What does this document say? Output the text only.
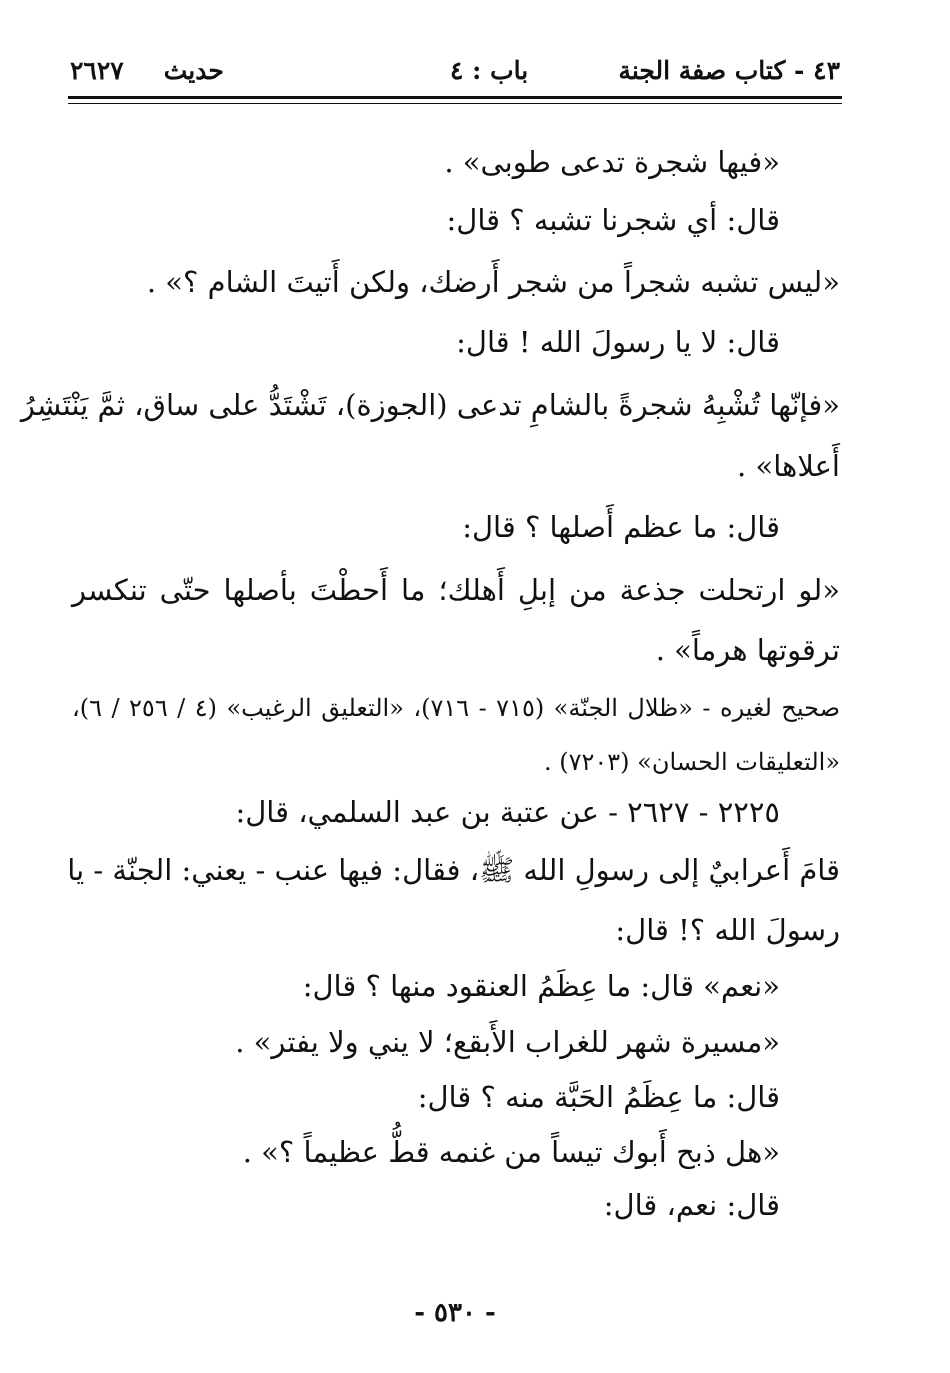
٤٣ - كتاب صفة الجنة
باب : ٤
حديث٢٦٢٧
«فيها شجرة تدعى طوبى» .
قال: أي شجرنا تشبه ؟ قال:
«ليس تشبه شجراً من شجر أَرضك، ولكن أَتيتَ الشام ؟» .
قال: لا يا رسولَ الله ! قال:
«فإنّها تُشْبِهُ شجرةً بالشامِ تدعى (الجوزة)، تَشْتَدُّ على ساق، ثمَّ يَنْتَشِرُ
أَعلاها» .
قال: ما عظم أَصلها ؟ قال:
«لو ارتحلت جذعة من إبلِ أَهلك؛ ما أَحطْتَ بأصلها حتّى تنكسر
ترقوتها هرماً» .
صحيح لغيره - «ظلال الجنّة» (٧١٥ - ٧١٦)، «التعليق الرغيب» (٤ / ٢٥٦ / ٦)،
«التعليقات الحسان» (٧٢٠٣) .
٢٢٢٥ - ٢٦٢٧ - عن عتبة بن عبد السلمي، قال:
قامَ أَعرابيٌ إلى رسولِ الله ﷺ، فقال: فيها عنب - يعني: الجنّة - يا
رسولَ الله ؟! قال:
«نعم» قال: ما عِظَمُ العنقود منها ؟ قال:
«مسيرة شهر للغراب الأَبقع؛ لا يني ولا يفتر» .
قال: ما عِظَمُ الحَبَّة منه ؟ قال:
«هل ذبح أَبوك تيساً من غنمه قطُّ عظيماً ؟» .
قال: نعم، قال:
- ٥٣٠ -
